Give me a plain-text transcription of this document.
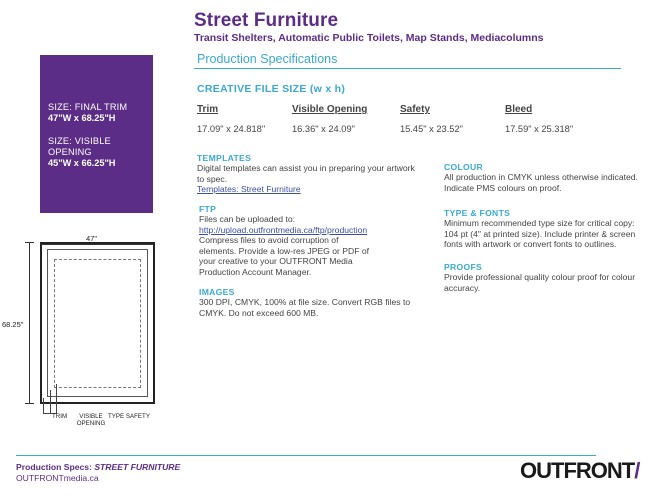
Street Furniture
Transit Shelters, Automatic Public Toilets, Map Stands, Mediacolumns
Production Specifications
SIZE: FINAL TRIM
47"W x 68.25"H
SIZE: VISIBLE OPENING
45"W x 66.25"H
CREATIVE FILE SIZE (w x h)
Trim	Visible Opening	Safety	Bleed
17.09" x 24.818"	16.36" x 24.09"	15.45" x 23.52"	17.59" x 25.318"
TEMPLATES
Digital templates can assist you in preparing your artwork to spec.
Templates: Street Furniture
FTP
Files can be uploaded to:
http://upload.outfrontmedia.ca/ftp/production
Compress files to avoid corruption of elements. Provide a low-res JPEG or PDF of your creative to your OUTFRONT Media Production Account Manager.
IMAGES
300 DPI, CMYK, 100% at file size. Convert RGB files to CMYK. Do not exceed 600 MB.
COLOUR
All production in CMYK unless otherwise indicated. Indicate PMS colours on proof.
TYPE & FONTS
Minimum recommended type size for critical copy: 104 pt (4" at printed size). Include printer & screen fonts with artwork or convert fonts to outlines.
PROOFS
Provide professional quality colour proof for colour accuracy.
47"
68.25"
TRIM	VISIBLE OPENING
TYPE SAFETY
Production Specs: STREET FURNITURE
OUTFRONTmedia.ca	OUTFRONT/
